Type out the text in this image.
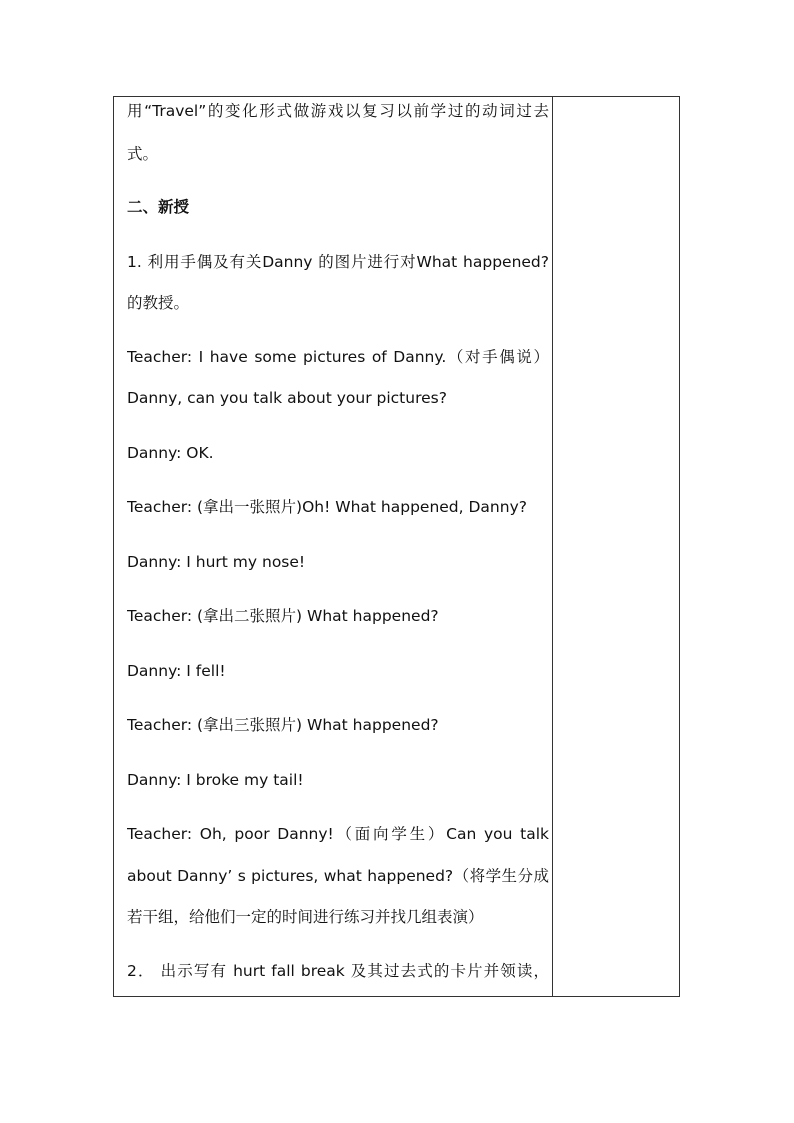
用“Travel”的变化形式做游戏以复习以前学过的动词过去
式。
二、新授
1. 利用手偶及有关Danny 的图片进行对What happened?
的教授。
Teacher: I have some pictures of Danny.（对手偶说）
Danny, can you talk about your pictures?
Danny: OK.
Teacher: (拿出一张照片)Oh! What happened, Danny?
Danny: I hurt my nose!
Teacher: (拿出二张照片) What happened?
Danny: I fell!
Teacher: (拿出三张照片) What happened?
Danny: I broke my tail!
Teacher: Oh, poor Danny!（面向学生）Can you talk
about Danny’ s pictures, what happened?（将学生分成
若干组，给他们一定的时间进行练习并找几组表演）
2． 出示写有 hurt fall break 及其过去式的卡片并领读，
